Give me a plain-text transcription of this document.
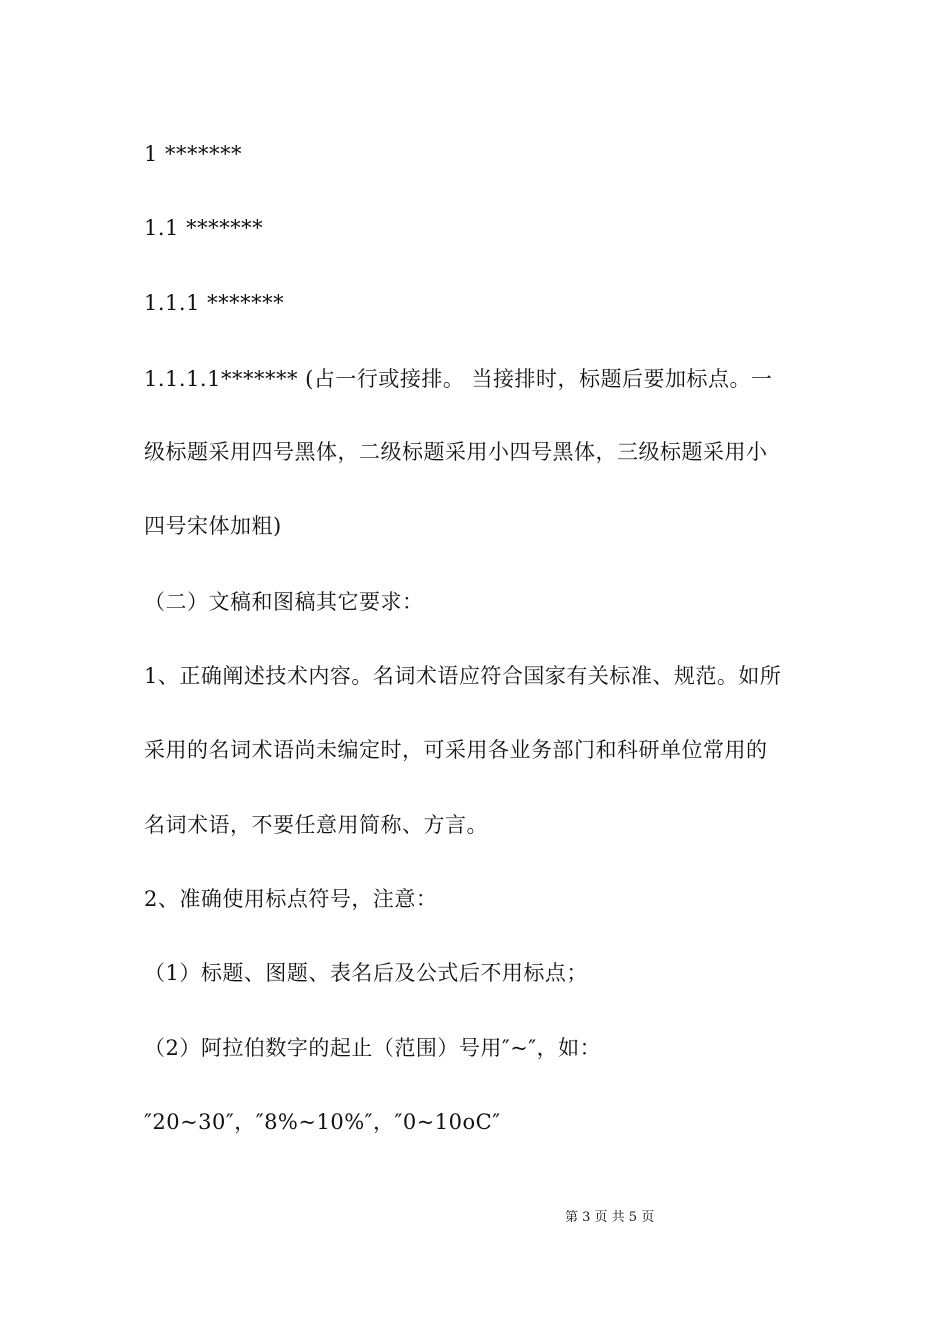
1 *******
1.1 *******
1.1.1 *******
1.1.1.1******* (占一行或接排。 当接排时，标题后要加标点。一
级标题采用四号黑体，二级标题采用小四号黑体，三级标题采用小
四号宋体加粗)
（二）文稿和图稿其它要求：
1、正确阐述技术内容。名词术语应符合国家有关标准、规范。如所
采用的名词术语尚未编定时，可采用各业务部门和科研单位常用的
名词术语，不要任意用简称、方言。
2、准确使用标点符号，注意：
（1）标题、图题、表名后及公式后不用标点；
（2）阿拉伯数字的起止（范围）号用″~″，如：
″20~30″，″8%~10%″，″0~10oC″
第 3 页 共 5 页
